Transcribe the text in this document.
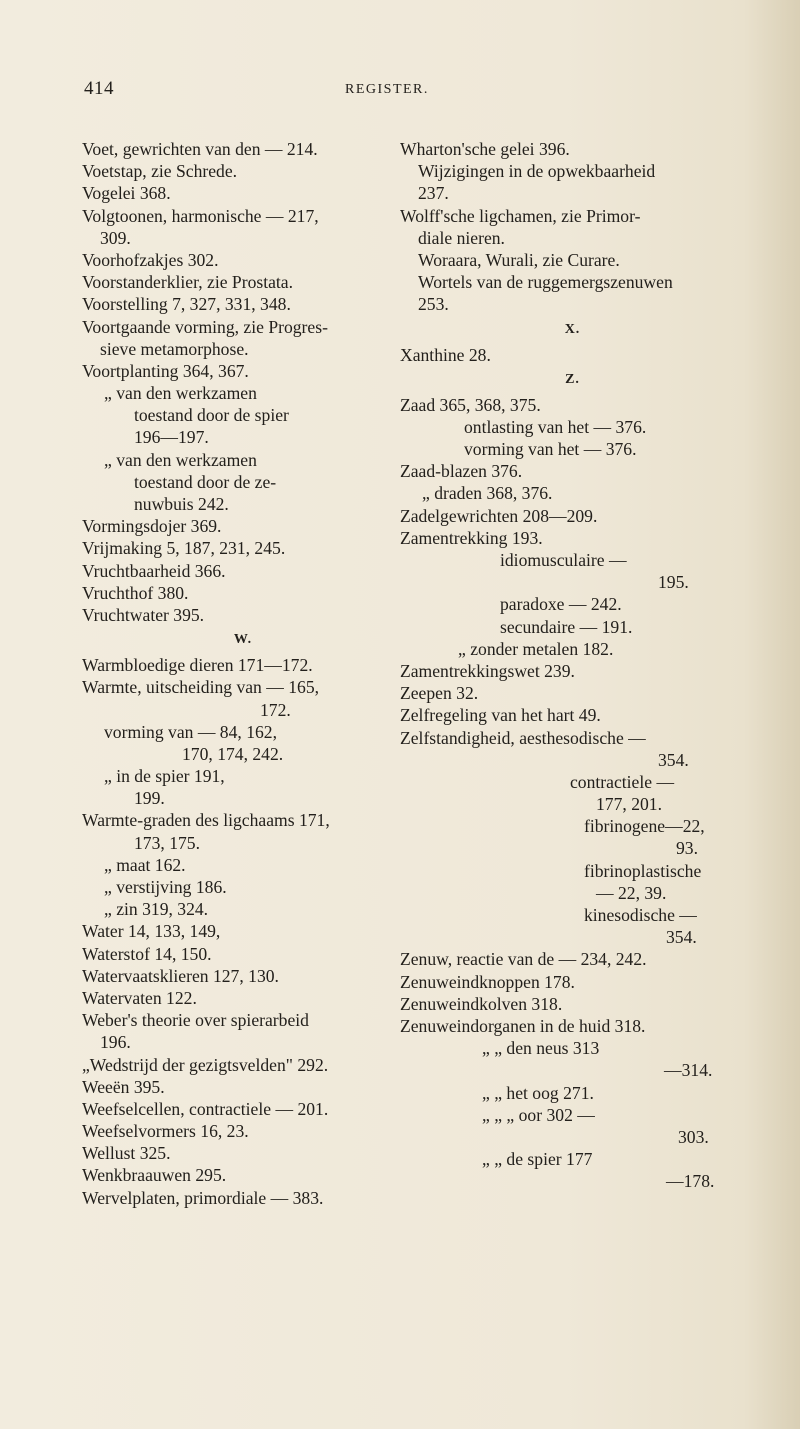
414	REGISTER.
Voet, gewrichten van den — 214.
Voetstap, zie Schrede.
Vogelei 368.
Volgtoonen, harmonische — 217,
309.
Voorhofzakjes 302.
Voorstanderklier, zie Prostata.
Voorstelling 7, 327, 331, 348.
Voortgaande vorming, zie Progres-
sieve metamorphose.
Voortplanting 364, 367.
„ van den werkzamen
toestand door de spier
196—197.
„ van den werkzamen
toestand door de ze-
nuwbuis 242.
Vormingsdojer 369.
Vrijmaking 5, 187, 231, 245.
Vruchtbaarheid 366.
Vruchthof 380.
Vruchtwater 395.
W.
Warmbloedige dieren 171—172.
Warmte, uitscheiding van — 165,
172.
vorming van — 84, 162,
170, 174, 242.
„ in de spier 191,
199.
Warmte-graden des ligchaams 171,
173, 175.
„ maat 162.
„ verstijving 186.
„ zin 319, 324.
Water 14, 133, 149,
Waterstof 14, 150.
Watervaatsklieren 127, 130.
Watervaten 122.
Weber's theorie over spierarbeid
196.
„Wedstrijd der gezigtsvelden" 292.
Weeën 395.
Weefselcellen, contractiele — 201.
Weefselvormers 16, 23.
Wellust 325.
Wenkbraauwen 295.
Wervelplaten, primordiale — 383.
Wharton'sche gelei 396.
Wijzigingen in de opwekbaarheid
237.
Wolff'sche ligchamen, zie Primor-
diale nieren.
Woraara, Wurali, zie Curare.
Wortels van de ruggemergszenuwen
253.
X.
Xanthine 28.
Z.
Zaad 365, 368, 375.
ontlasting van het — 376.
vorming van het — 376.
Zaad-blazen 376.
„ draden 368, 376.
Zadelgewrichten 208—209.
Zamentrekking 193.
idiomusculaire —
195.
paradoxe — 242.
secundaire — 191.
„ zonder metalen 182.
Zamentrekkingswet 239.
Zeepen 32.
Zelfregeling van het hart 49.
Zelfstandigheid, aesthesodische —
354.
contractiele —
177, 201.
fibrinogene—22,
93.
fibrinoplastische
— 22, 39.
kinesodische —
354.
Zenuw, reactie van de — 234, 242.
Zenuweindknoppen 178.
Zenuweindkolven 318.
Zenuweindorganen in de huid 318.
„ „ den neus 313
—314.
„ „ het oog 271.
„ „ „ oor 302 —
303.
„ „ de spier 177
—178.
